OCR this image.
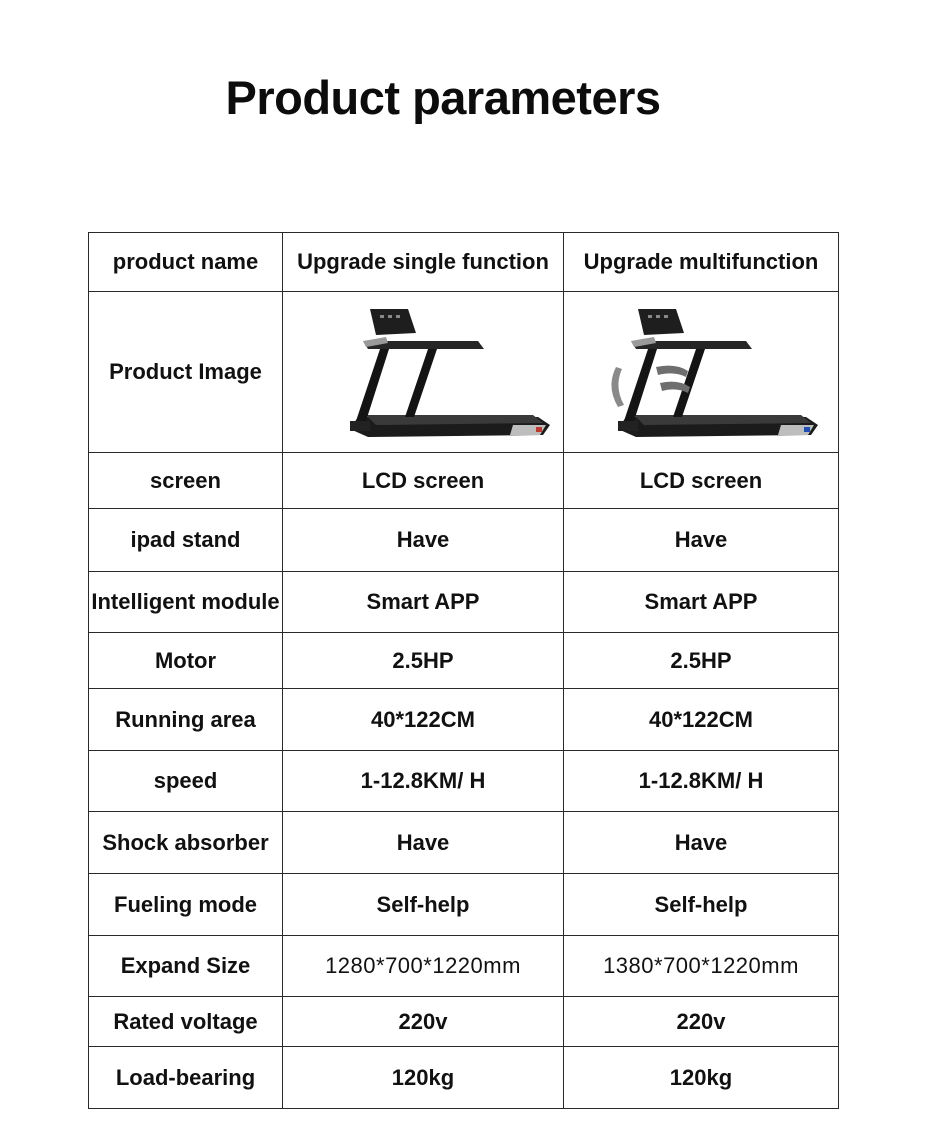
Product parameters
product name	Upgrade single function	Upgrade multifunction
Product Image	

screen	LCD screen	LCD screen
ipad stand	Have	Have
Intelligent module	Smart APP	Smart APP
Motor	2.5HP	2.5HP
Running area	40*122CM	40*122CM
speed	1-12.8KM/ H	1-12.8KM/ H
Shock absorber	Have	Have
Fueling mode	Self-help	Self-help
Expand Size	1280*700*1220mm	1380*700*1220mm
Rated voltage	220v	220v
Load-bearing	120kg	120kg
